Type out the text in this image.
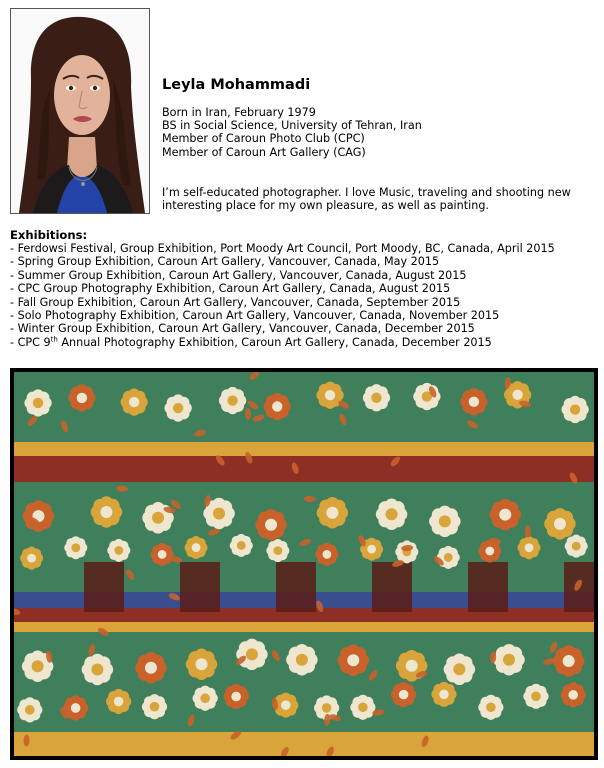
Leyla Mohammadi
Born in Iran, February 1979
BS in Social Science, University of Tehran, Iran
Member of Caroun Photo Club (CPC)
Member of Caroun Art Gallery (CAG)
I’m self-educated photographer. I love Music, traveling and shooting new
interesting place for my own pleasure, as well as painting.
Exhibitions:
- Ferdowsi Festival, Group Exhibition, Port Moody Art Council, Port Moody, BC, Canada, April 2015
- Spring Group Exhibition, Caroun Art Gallery, Vancouver, Canada, May 2015
- Summer Group Exhibition, Caroun Art Gallery, Vancouver, Canada, August 2015
- CPC Group Photography Exhibition, Caroun Art Gallery, Canada, August 2015
- Fall Group Exhibition, Caroun Art Gallery, Vancouver, Canada, September 2015
- Solo Photography Exhibition, Caroun Art Gallery, Vancouver, Canada, November 2015
- Winter Group Exhibition, Caroun Art Gallery, Vancouver, Canada, December 2015
- CPC 9th Annual Photography Exhibition, Caroun Art Gallery, Canada, December 2015
